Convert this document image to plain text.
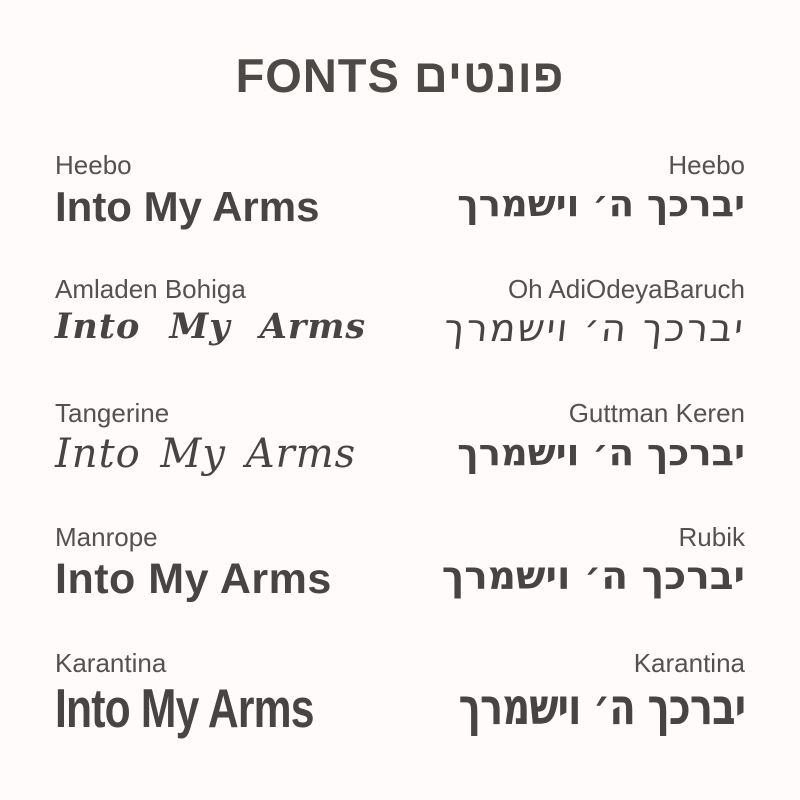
FONTS פונטים
Heebo
Into My Arms
Heebo
יברכך ה׳ וישמרך
Amladen Bohiga
Into My Arms
Oh AdiOdeyaBaruch
יברכך ה׳ וישמרך
Tangerine
Into My Arms
Guttman Keren
יברכך ה׳ וישמרך
Manrope
Into My Arms
Rubik
יברכך ה׳ וישמרך
Karantina
Into My Arms
Karantina
יברכך ה׳ וישמרך
